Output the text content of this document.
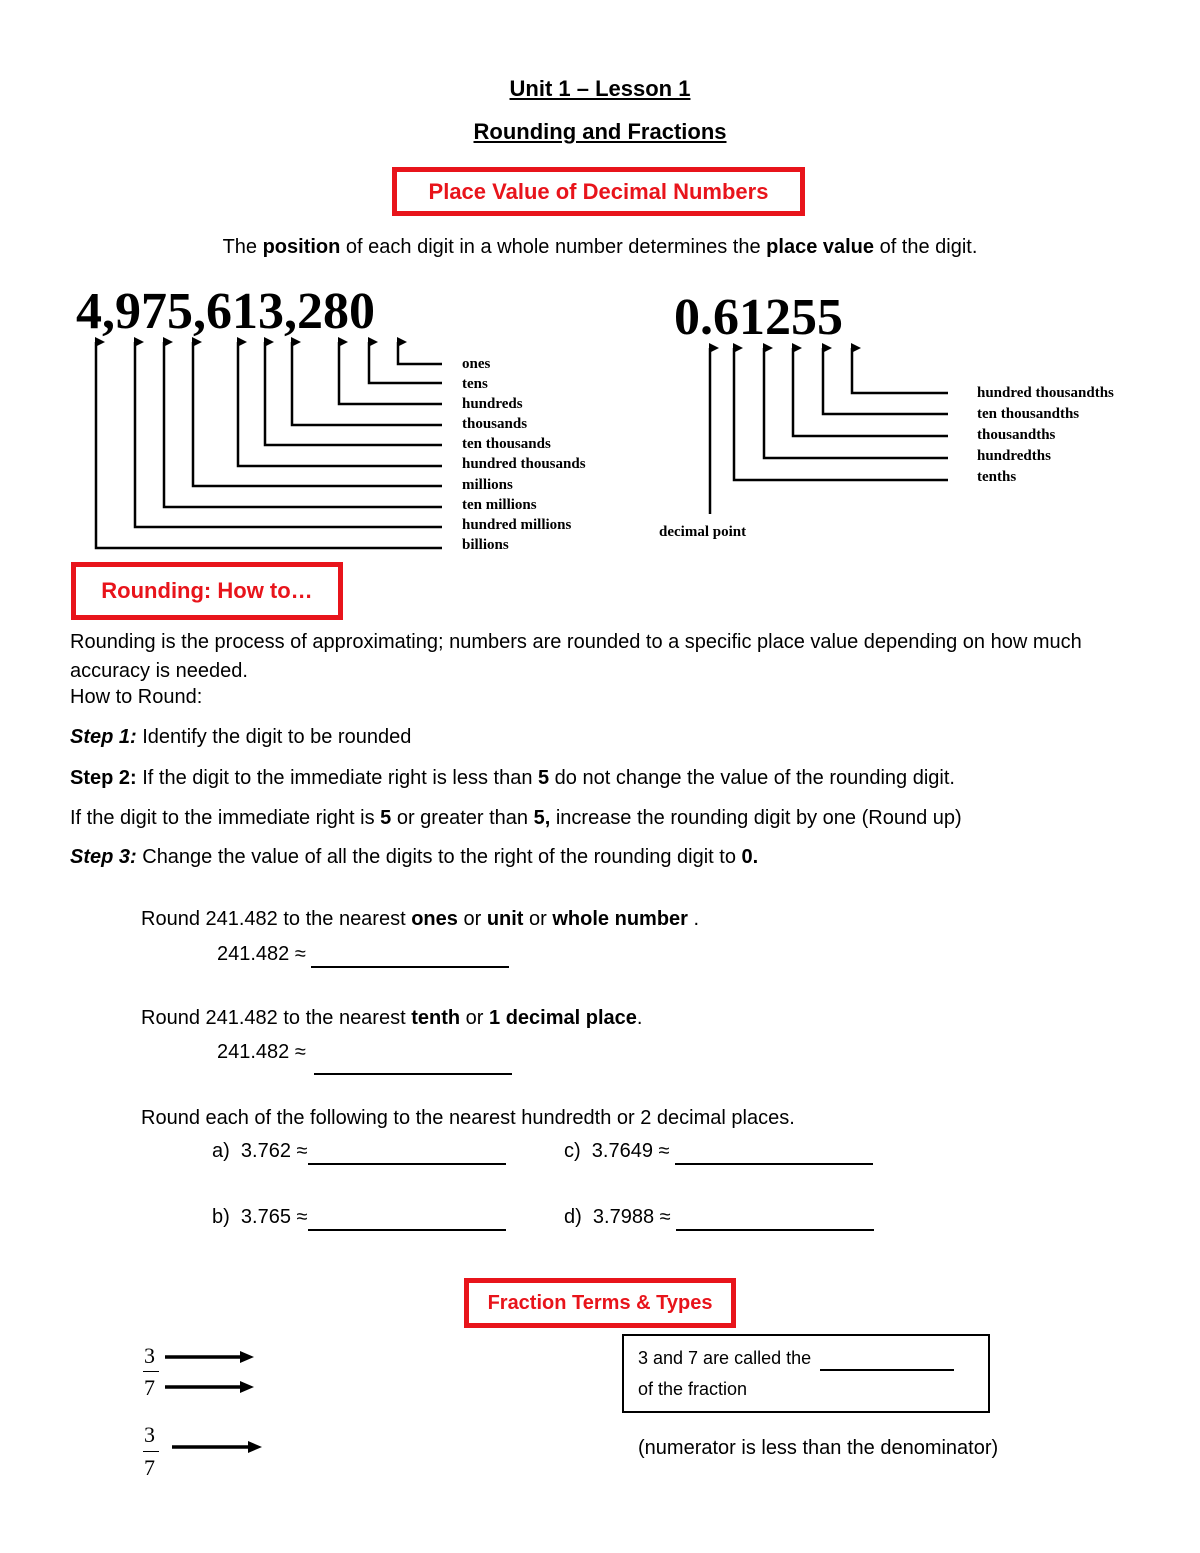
Unit 1 – Lesson 1
Rounding and Fractions
Place Value of Decimal Numbers
The position of each digit in a whole number determines the place value of the digit.
4,975,613,280	0.61255
ones
tens
hundreds
thousands
ten thousands
hundred thousands
millions
ten millions
hundred millions
billions
hundred thousandths
ten thousandths
thousandths
hundredths
tenths
decimal point
Rounding: How to…
Rounding is the process of approximating; numbers are rounded to a specific place value depending on how much accuracy is needed.
How to Round:
Step 1: Identify the digit to be rounded
Step 2: If the digit to the immediate right is less than 5 do not change the value of the rounding digit.
If the digit to the immediate right is 5 or greater than 5, increase the rounding digit by one (Round up)
Step 3: Change the value of all the digits to the right of the rounding digit to 0.
Round 241.482 to the nearest ones or unit or whole number .
241.482 ≈
Round 241.482 to the nearest tenth or 1 decimal place.
241.482 ≈
Round each of the following to the nearest hundredth or 2 decimal places.
a) 3.762 ≈	c) 3.7649 ≈
b) 3.765 ≈	d) 3.7988 ≈
Fraction Terms & Types
3
7
3
7
3 and 7 are called the
of the fraction
(numerator is less than the denominator)
